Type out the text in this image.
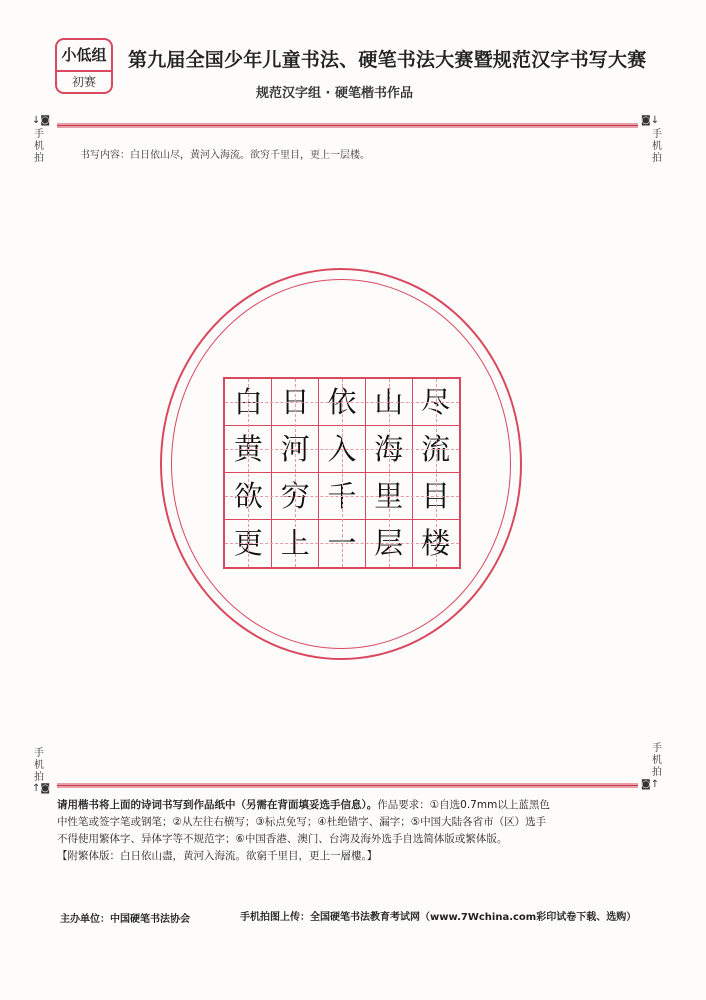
小低组
初赛
第九届全国少年儿童书法、硬笔书法大赛暨规范汉字书写大赛
规范汉字组 · 硬笔楷书作品
↓◙
手
机
拍
◙↓
手
机
拍
书写内容：白日依山尽，黄河入海流。欲穷千里目，更上一层楼。
白 日 依 山 尽
黄 河 入 海 流
欲 穷 千 里 目
更 上 一 层 楼
手
机
拍
↑◙
手
机
拍
◙↑

请用楷书将上面的诗词书写到作品纸中（另需在背面填妥选手信息）。作品要求：①自选0.7mm以上蓝黑色

中性笔或签字笔或钢笔；②从左往右横写；③标点免写；④杜绝错字、漏字；⑤中国大陆各省市（区）选手

不得使用繁体字、异体字等不规范字；⑥中国香港、澳门、台湾及海外选手自选简体版或繁体版。

【附繁体版：白日依山盡，黄河入海流。欲窮千里目，更上一層樓。】

主办单位：中国硬笔书法协会	手机拍图上传：全国硬笔书法教育考试网（www.7Wchina.com彩印试卷下载、选购）
